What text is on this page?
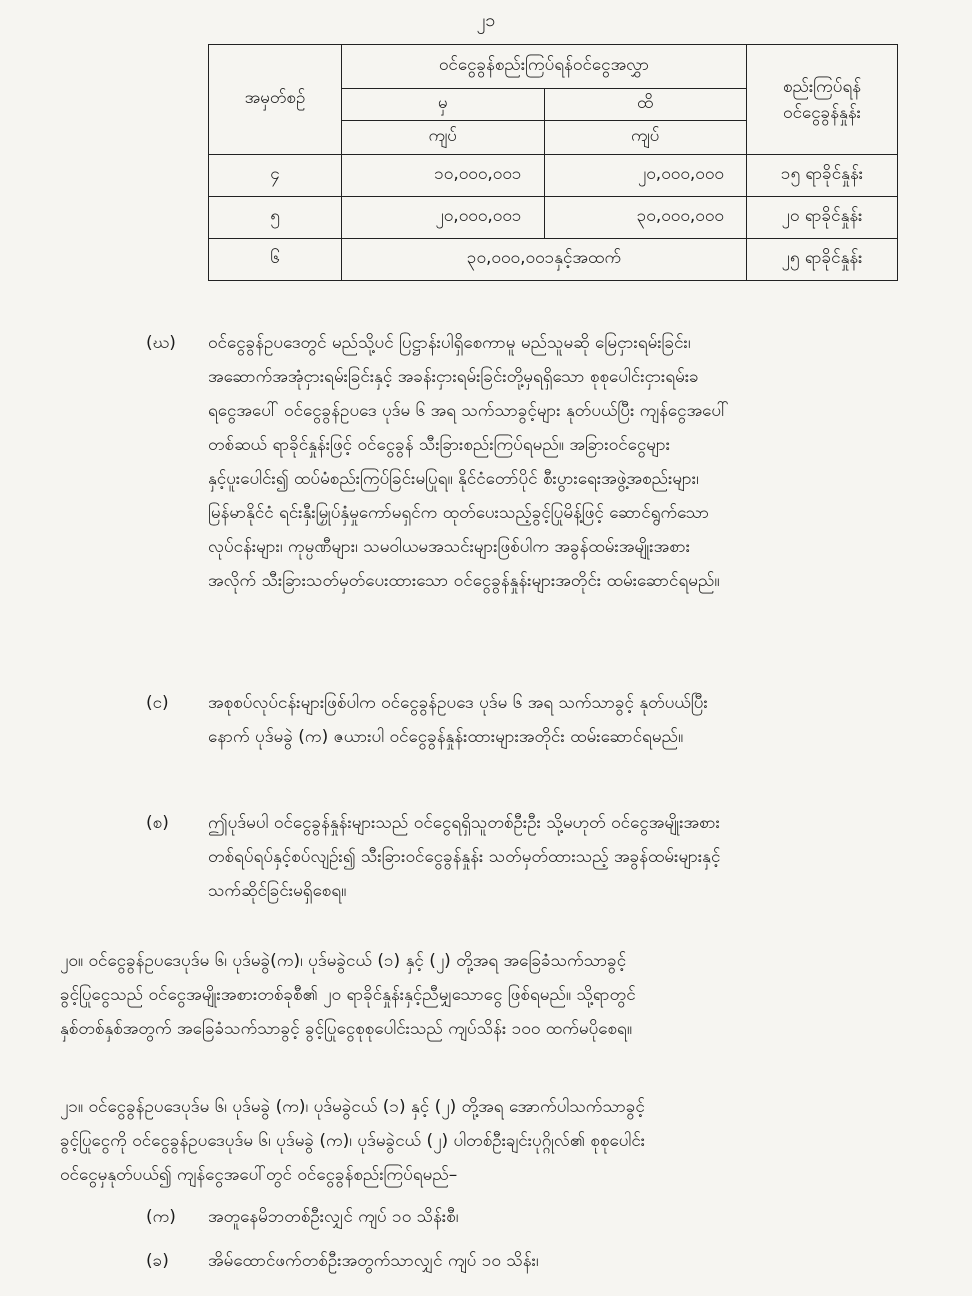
၂၁
အမှတ်စဉ်	ဝင်ငွေခွန်စည်းကြပ်ရန်ဝင်ငွေအလွှာ		စည်းကြပ်ရန်
ဝင်ငွေခွန်နှုန်း

	မှ	ထိ	
	ကျပ်	ကျပ်	
၄	၁၀,၀၀၀,၀၀၁	၂၀,၀၀၀,၀၀၀	၁၅ ရာခိုင်နှုန်း
၅	၂၀,၀၀၀,၀၀၁	၃၀,၀၀၀,၀၀၀	၂၀ ရာခိုင်နှုန်း
၆	၃၀,၀၀၀,၀၀၁နှင့်အထက်		၂၅ ရာခိုင်နှုန်း
(ဃ) ဝင်ငွေခွန်ဥပဒေတွင် မည်သို့ပင် ပြဋ္ဌာန်းပါရှိစေကာမူ မည်သူမဆို မြေငှားရမ်းခြင်း၊
အဆောက်အအုံငှားရမ်းခြင်းနှင့် အခန်းငှားရမ်းခြင်းတို့မှရရှိသော စုစုပေါင်းငှားရမ်းခ
ရငွေအပေါ် ဝင်ငွေခွန်ဥပဒေ ပုဒ်မ ၆ အရ သက်သာခွင့်များ နုတ်ပယ်ပြီး ကျန်ငွေအပေါ်
တစ်ဆယ် ရာခိုင်နှုန်းဖြင့် ဝင်ငွေခွန် သီးခြားစည်းကြပ်ရမည်။ အခြားဝင်ငွေများ
နှင့်ပူးပေါင်း၍ ထပ်မံစည်းကြပ်ခြင်းမပြုရ။ နိုင်ငံတော်ပိုင် စီးပွားရေးအဖွဲ့အစည်းများ၊
မြန်မာနိုင်ငံ ရင်းနှီးမြှုပ်နှံမှုကော်မရှင်က ထုတ်ပေးသည့်ခွင့်ပြုမိန့်ဖြင့် ဆောင်ရွက်သော
လုပ်ငန်းများ၊ ကုမ္ပဏီများ၊ သမဝါယမအသင်းများဖြစ်ပါက အခွန်ထမ်းအမျိုးအစား
အလိုက် သီးခြားသတ်မှတ်ပေးထားသော ဝင်ငွေခွန်နှုန်းများအတိုင်း ထမ်းဆောင်ရမည်။
(င) အစုစပ်လုပ်ငန်းများဖြစ်ပါက ဝင်ငွေခွန်ဥပဒေ ပုဒ်မ ၆ အရ သက်သာခွင့် နုတ်ပယ်ပြီး
နောက် ပုဒ်မခွဲ (က) ဇယားပါ ဝင်ငွေခွန်နှုန်းထားများအတိုင်း ထမ်းဆောင်ရမည်။
(စ) ဤပုဒ်မပါ ဝင်ငွေခွန်နှုန်းများသည် ဝင်ငွေရရှိသူတစ်ဦးဦး သို့မဟုတ် ဝင်ငွေအမျိုးအစား
တစ်ရပ်ရပ်နှင့်စပ်လျဉ်း၍ သီးခြားဝင်ငွေခွန်နှုန်း သတ်မှတ်ထားသည့် အခွန်ထမ်းများနှင့်
သက်ဆိုင်ခြင်းမရှိစေရ။
၂၀။ ဝင်ငွေခွန်ဥပဒေပုဒ်မ ၆၊ ပုဒ်မခွဲ(က)၊ ပုဒ်မခွဲငယ် (၁) နှင့် (၂) တို့အရ အခြေခံသက်သာခွင့်
ခွင့်ပြုငွေသည် ဝင်ငွေအမျိုးအစားတစ်ခုစီ၏ ၂၀ ရာခိုင်နှုန်းနှင့်ညီမျှသောငွေ ဖြစ်ရမည်။ သို့ရာတွင်
နှစ်တစ်နှစ်အတွက် အခြေခံသက်သာခွင့် ခွင့်ပြုငွေစုစုပေါင်းသည် ကျပ်သိန်း ၁၀၀ ထက်မပိုစေရ။
၂၁။ ဝင်ငွေခွန်ဥပဒေပုဒ်မ ၆၊ ပုဒ်မခွဲ (က)၊ ပုဒ်မခွဲငယ် (၁) နှင့် (၂) တို့အရ အောက်ပါသက်သာခွင့်
ခွင့်ပြုငွေကို ဝင်ငွေခွန်ဥပဒေပုဒ်မ ၆၊ ပုဒ်မခွဲ (က)၊ ပုဒ်မခွဲငယ် (၂) ပါတစ်ဦးချင်းပုဂ္ဂိုလ်၏ စုစုပေါင်း
ဝင်ငွေမှနုတ်ပယ်၍ ကျန်ငွေအပေါ်တွင် ဝင်ငွေခွန်စည်းကြပ်ရမည်–
(က) အတူနေမိဘတစ်ဦးလျှင် ကျပ် ၁၀ သိန်းစီ၊
(ခ) အိမ်ထောင်ဖက်တစ်ဦးအတွက်သာလျှင် ကျပ် ၁၀ သိန်း၊
